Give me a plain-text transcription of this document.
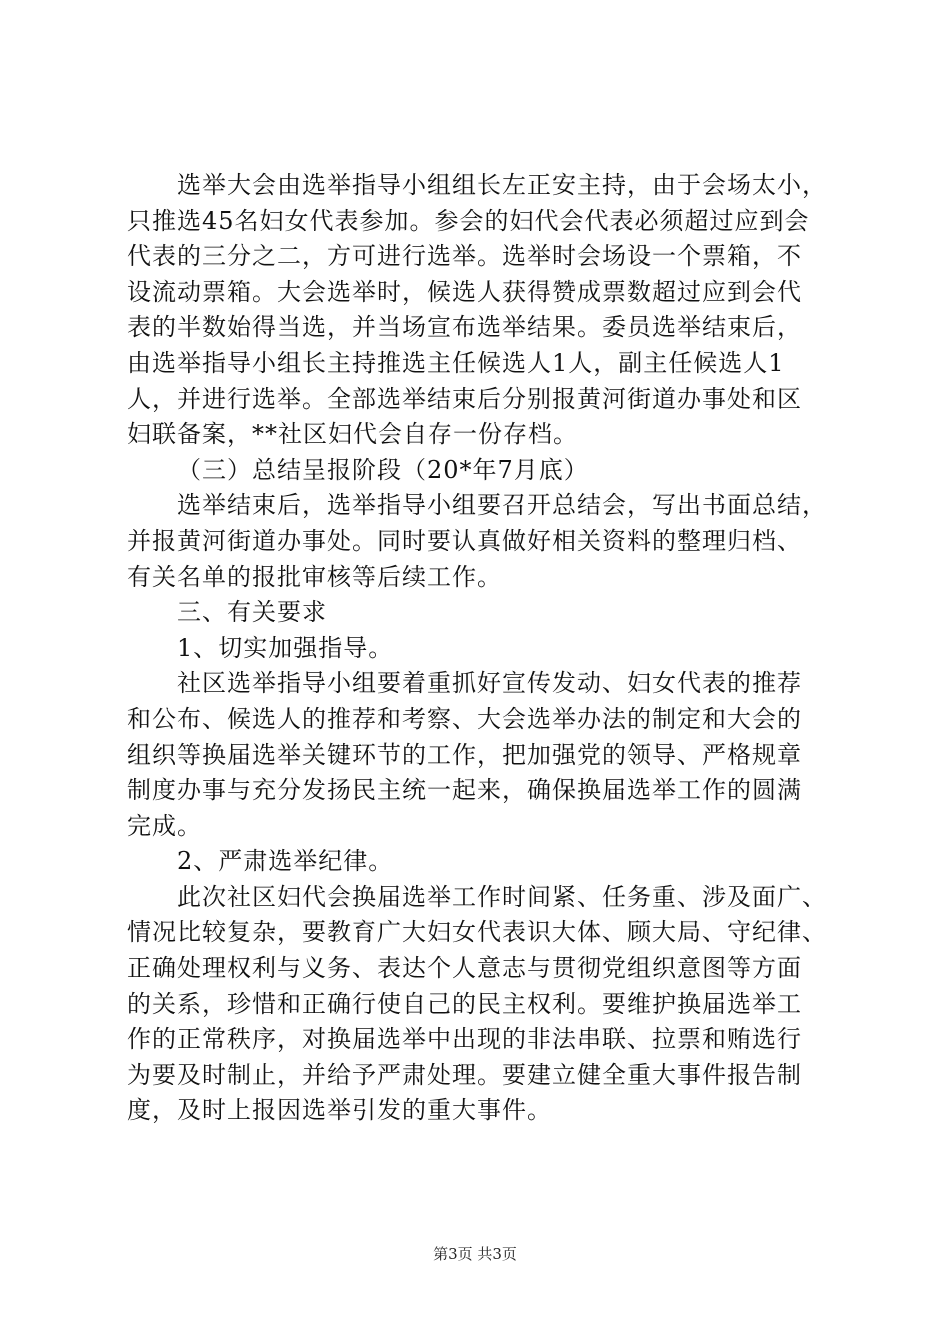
选举大会由选举指导小组组长左正安主持，由于会场太小，
只推选45名妇女代表参加。参会的妇代会代表必须超过应到会
代表的三分之二，方可进行选举。选举时会场设一个票箱，不
设流动票箱。大会选举时，候选人获得赞成票数超过应到会代
表的半数始得当选，并当场宣布选举结果。委员选举结束后，
由选举指导小组长主持推选主任候选人1人，副主任候选人1
人，并进行选举。全部选举结束后分别报黄河街道办事处和区
妇联备案，**社区妇代会自存一份存档。
（三）总结呈报阶段（20*年7月底）
选举结束后，选举指导小组要召开总结会，写出书面总结，
并报黄河街道办事处。同时要认真做好相关资料的整理归档、
有关名单的报批审核等后续工作。
三、有关要求
1、切实加强指导。
社区选举指导小组要着重抓好宣传发动、妇女代表的推荐
和公布、候选人的推荐和考察、大会选举办法的制定和大会的
组织等换届选举关键环节的工作，把加强党的领导、严格规章
制度办事与充分发扬民主统一起来，确保换届选举工作的圆满
完成。
2、严肃选举纪律。
此次社区妇代会换届选举工作时间紧、任务重、涉及面广、
情况比较复杂，要教育广大妇女代表识大体、顾大局、守纪律、
正确处理权利与义务、表达个人意志与贯彻党组织意图等方面
的关系，珍惜和正确行使自己的民主权利。要维护换届选举工
作的正常秩序，对换届选举中出现的非法串联、拉票和贿选行
为要及时制止，并给予严肃处理。要建立健全重大事件报告制
度，及时上报因选举引发的重大事件。
第3页 共3页
